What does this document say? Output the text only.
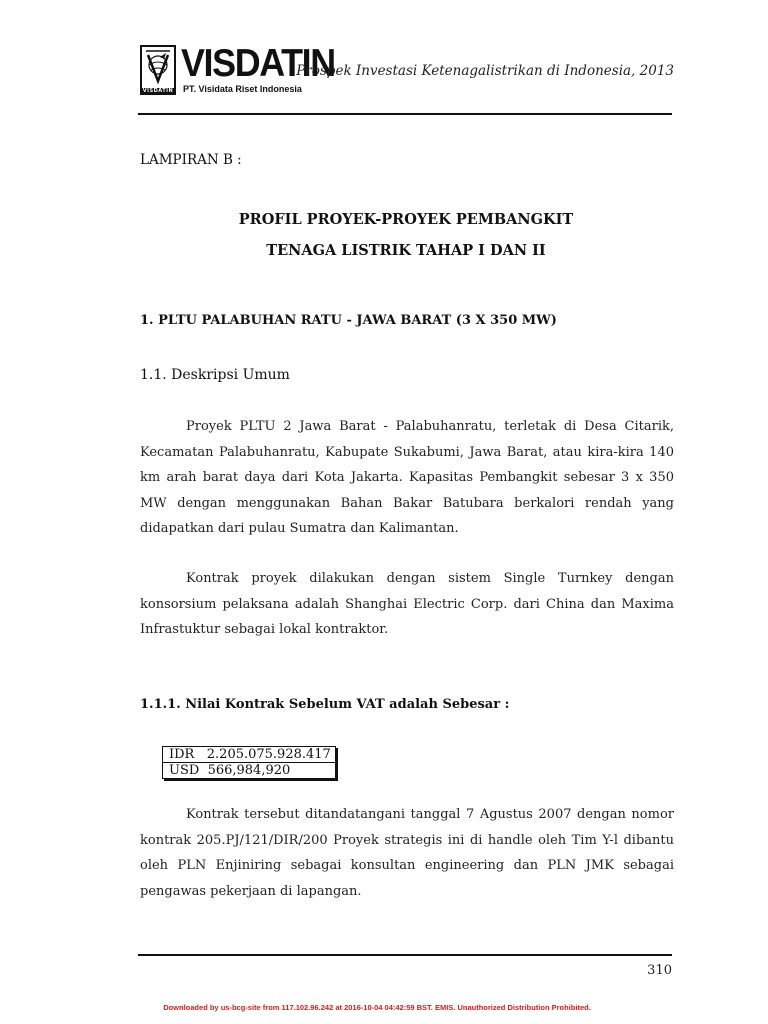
VISDATIN
VISDATIN
PT. Visidata Riset Indonesia
Prospek Investasi Ketenagalistrikan di Indonesia, 2013
LAMPIRAN B :
PROFIL PROYEK-PROYEK PEMBANGKIT
TENAGA LISTRIK TAHAP I DAN II
1. PLTU PALABUHAN RATU - JAWA BARAT (3 X 350 MW)
1.1. Deskripsi Umum
Proyek PLTU 2 Jawa Barat - Palabuhanratu, terletak di Desa Citarik, Kecamatan Palabuhanratu, Kabupate Sukabumi, Jawa Barat, atau kira-kira 140 km arah barat daya dari Kota Jakarta. Kapasitas Pembangkit sebesar 3 x 350 MW dengan menggunakan Bahan Bakar Batubara berkalori rendah yang didapatkan dari pulau Sumatra dan Kalimantan.
Kontrak proyek dilakukan dengan sistem Single Turnkey dengan konsorsium pelaksana adalah Shanghai Electric Corp. dari China dan Maxima Infrastuktur sebagai lokal kontraktor.
1.1.1. Nilai Kontrak Sebelum VAT adalah Sebesar :
IDR 2.205.075.928.417
USD 566,984,920
Kontrak tersebut ditandatangani tanggal 7 Agustus 2007 dengan nomor kontrak 205.PJ/121/DIR/200 Proyek strategis ini di handle oleh Tim Y-l dibantu oleh PLN Enjiniring sebagai konsultan engineering dan PLN JMK sebagai pengawas pekerjaan di lapangan.
310
Downloaded by us-bcg-site from 117.102.96.242 at 2016-10-04 04:42:59 BST. EMIS. Unauthorized Distribution Prohibited.
